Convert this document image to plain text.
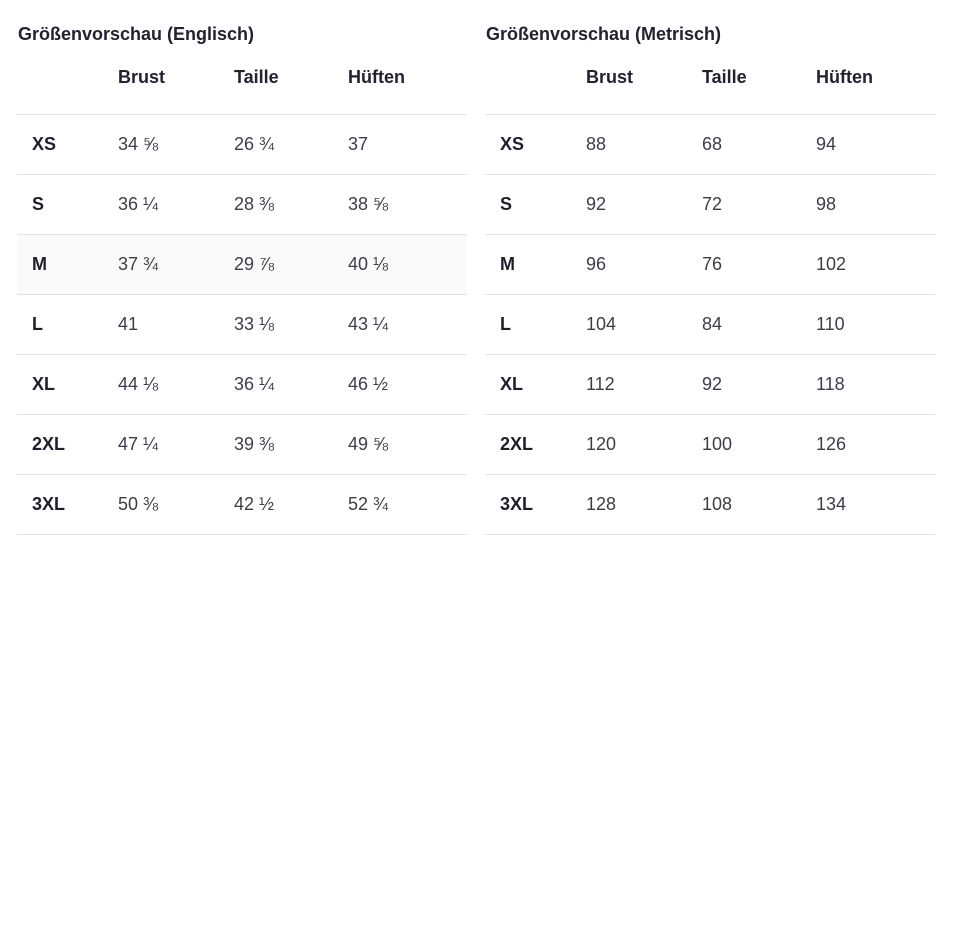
Größenvorschau (Englisch)
	Brust	Taille	Hüften
XS	34 ⅝	26 ¾	37
S	36 ¼	28 ⅜	38 ⅝
M	37 ¾	29 ⅞	40 ⅛
L	41	33 ⅛	43 ¼
XL	44 ⅛	36 ¼	46 ½
2XL	47 ¼	39 ⅜	49 ⅝
3XL	50 ⅜	42 ½	52 ¾
Größenvorschau (Metrisch)
	Brust	Taille	Hüften
XS	88	68	94
S	92	72	98
M	96	76	102
L	104	84	110
XL	112	92	118
2XL	120	100	126
3XL	128	108	134
